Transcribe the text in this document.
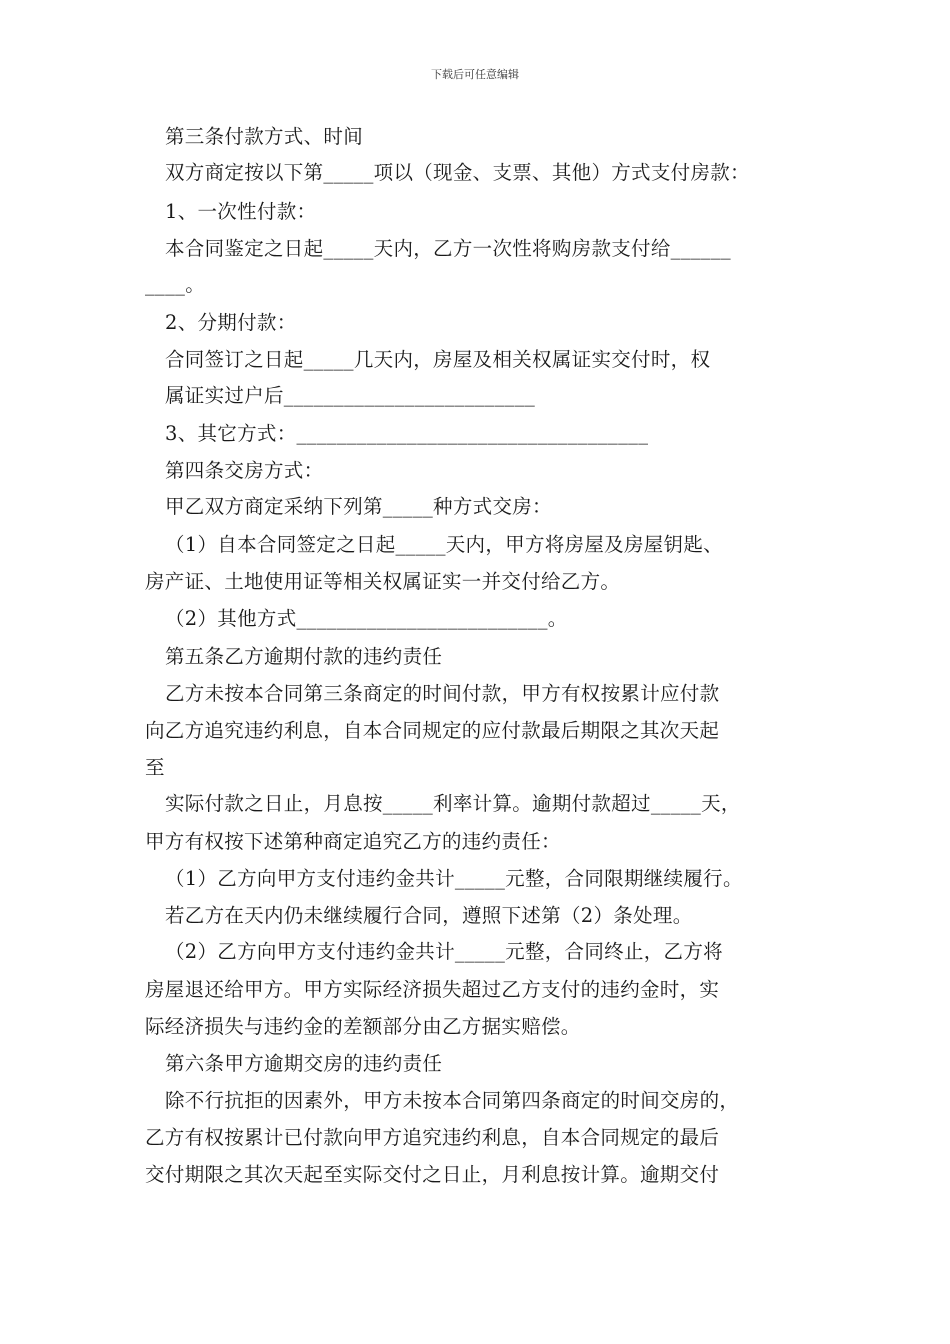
下载后可任意编辑
第三条付款方式、时间
双方商定按以下第_____项以（现金、支票、其他）方式支付房款：
1、一次性付款：
本合同鉴定之日起_____天内，乙方一次性将购房款支付给______
____。
2、分期付款：
合同签订之日起_____几天内，房屋及相关权属证实交付时，权
属证实过户后_________________________
3、其它方式：___________________________________
第四条交房方式：
甲乙双方商定采纳下列第_____种方式交房：
（1）自本合同签定之日起_____天内，甲方将房屋及房屋钥匙、
房产证、土地使用证等相关权属证实一并交付给乙方。
（2）其他方式_________________________。
第五条乙方逾期付款的违约责任
乙方未按本合同第三条商定的时间付款，甲方有权按累计应付款
向乙方追究违约利息，自本合同规定的应付款最后期限之其次天起
至
实际付款之日止，月息按_____利率计算。逾期付款超过_____天，
甲方有权按下述第种商定追究乙方的违约责任：
（1）乙方向甲方支付违约金共计_____元整，合同限期继续履行。
若乙方在天内仍未继续履行合同，遵照下述第（2）条处理。
（2）乙方向甲方支付违约金共计_____元整，合同终止，乙方将
房屋退还给甲方。甲方实际经济损失超过乙方支付的违约金时，实
际经济损失与违约金的差额部分由乙方据实赔偿。
第六条甲方逾期交房的违约责任
除不行抗拒的因素外，甲方未按本合同第四条商定的时间交房的，
乙方有权按累计已付款向甲方追究违约利息，自本合同规定的最后
交付期限之其次天起至实际交付之日止，月利息按计算。逾期交付
